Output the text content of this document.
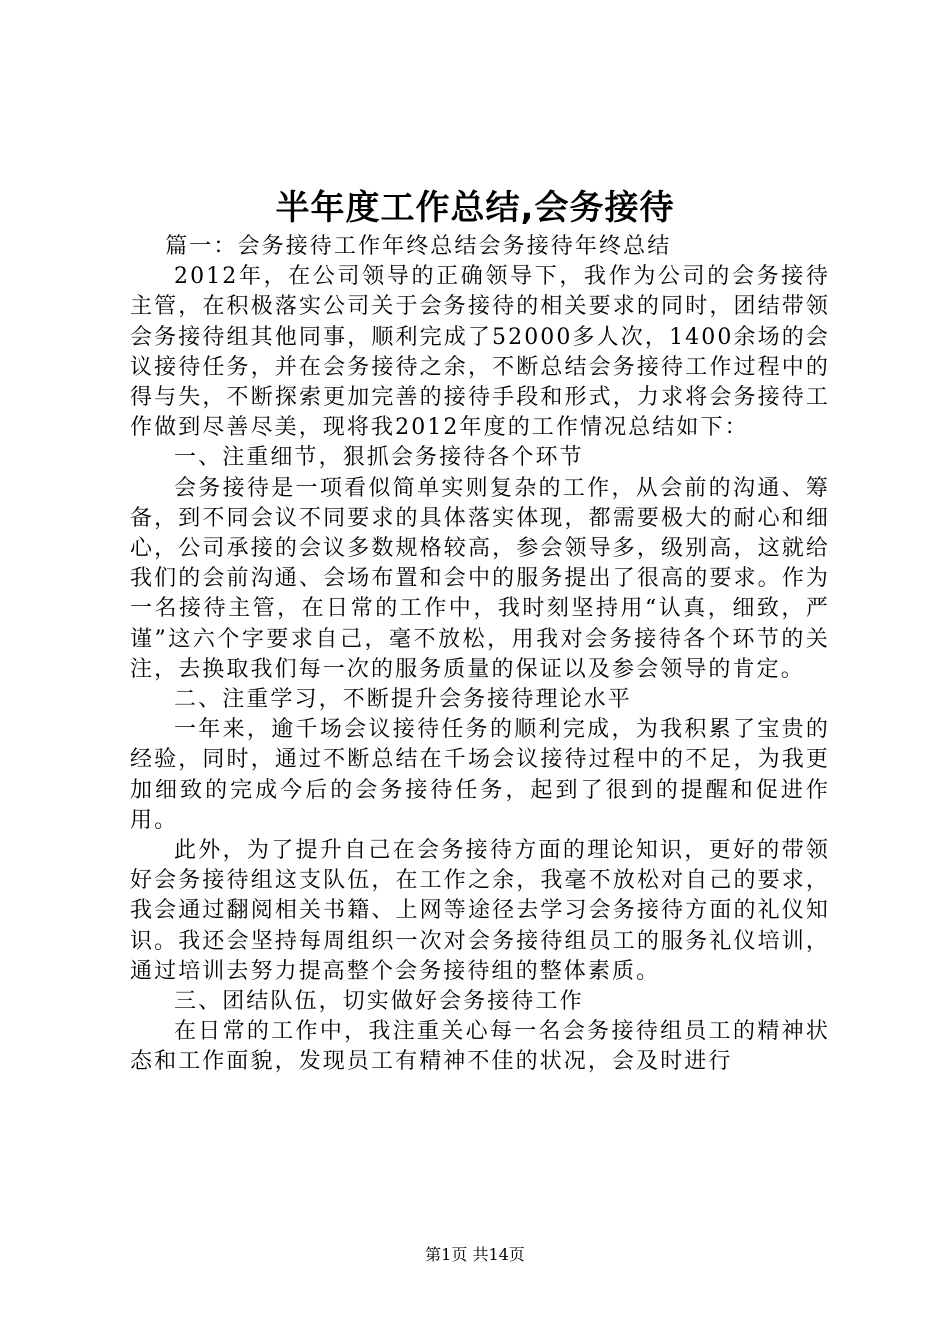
半年度工作总结,会务接待

篇一：会务接待工作年终总结会务接待年终总结

2012年，在公司领导的正确领导下，我作为公司的会务接待主管，在积极落实公司关于会务接待的相关要求的同时，团结带领会务接待组其他同事，顺利完成了52000多人次，1400余场的会议接待任务，并在会务接待之余，不断总结会务接待工作过程中的得与失，不断探索更加完善的接待手段和形式，力求将会务接待工作做到尽善尽美，现将我2012年度的工作情况总结如下：

一、注重细节，狠抓会务接待各个环节

会务接待是一项看似简单实则复杂的工作，从会前的沟通、筹备，到不同会议不同要求的具体落实体现，都需要极大的耐心和细心，公司承接的会议多数规格较高，参会领导多，级别高，这就给我们的会前沟通、会场布置和会中的服务提出了很高的要求。作为一名接待主管，在日常的工作中，我时刻坚持用“认真，细致，严谨”这六个字要求自己，毫不放松，用我对会务接待各个环节的关注，去换取我们每一次的服务质量的保证以及参会领导的肯定。

二、注重学习，不断提升会务接待理论水平

一年来，逾千场会议接待任务的顺利完成，为我积累了宝贵的经验，同时，通过不断总结在千场会议接待过程中的不足，为我更加细致的完成今后的会务接待任务，起到了很到的提醒和促进作用。

此外，为了提升自己在会务接待方面的理论知识，更好的带领好会务接待组这支队伍，在工作之余，我毫不放松对自己的要求，我会通过翻阅相关书籍、上网等途径去学习会务接待方面的礼仪知识。我还会坚持每周组织一次对会务接待组员工的服务礼仪培训，通过培训去努力提高整个会务接待组的整体素质。

三、团结队伍，切实做好会务接待工作

在日常的工作中，我注重关心每一名会务接待组员工的精神状态和工作面貌，发现员工有精神不佳的状况，会及时进行

第1页 共14页
